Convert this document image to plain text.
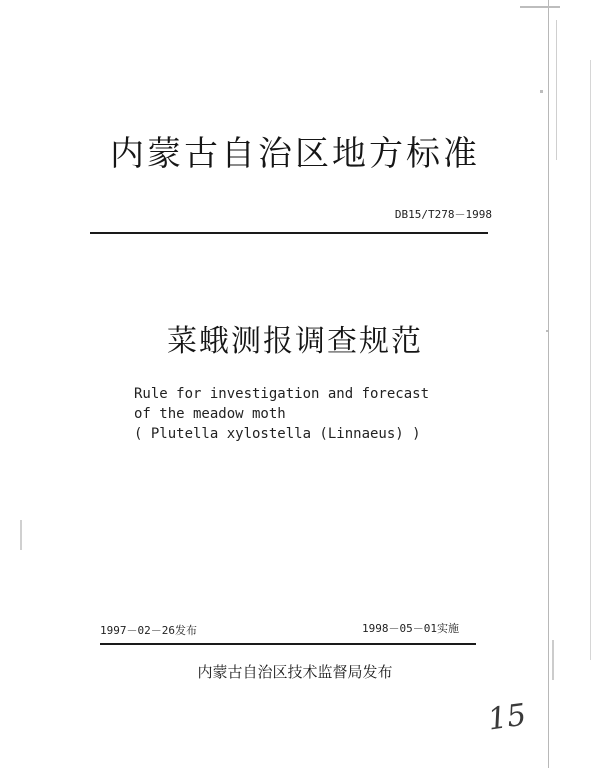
内蒙古自治区地方标准
DB15/T278－1998
菜蛾测报调查规范
Rule for investigation and forecast
of the meadow moth
( Plutella xylostella (Linnaeus) )
1997－02－26发布	1998－05－01实施
内蒙古自治区技术监督局发布
15
